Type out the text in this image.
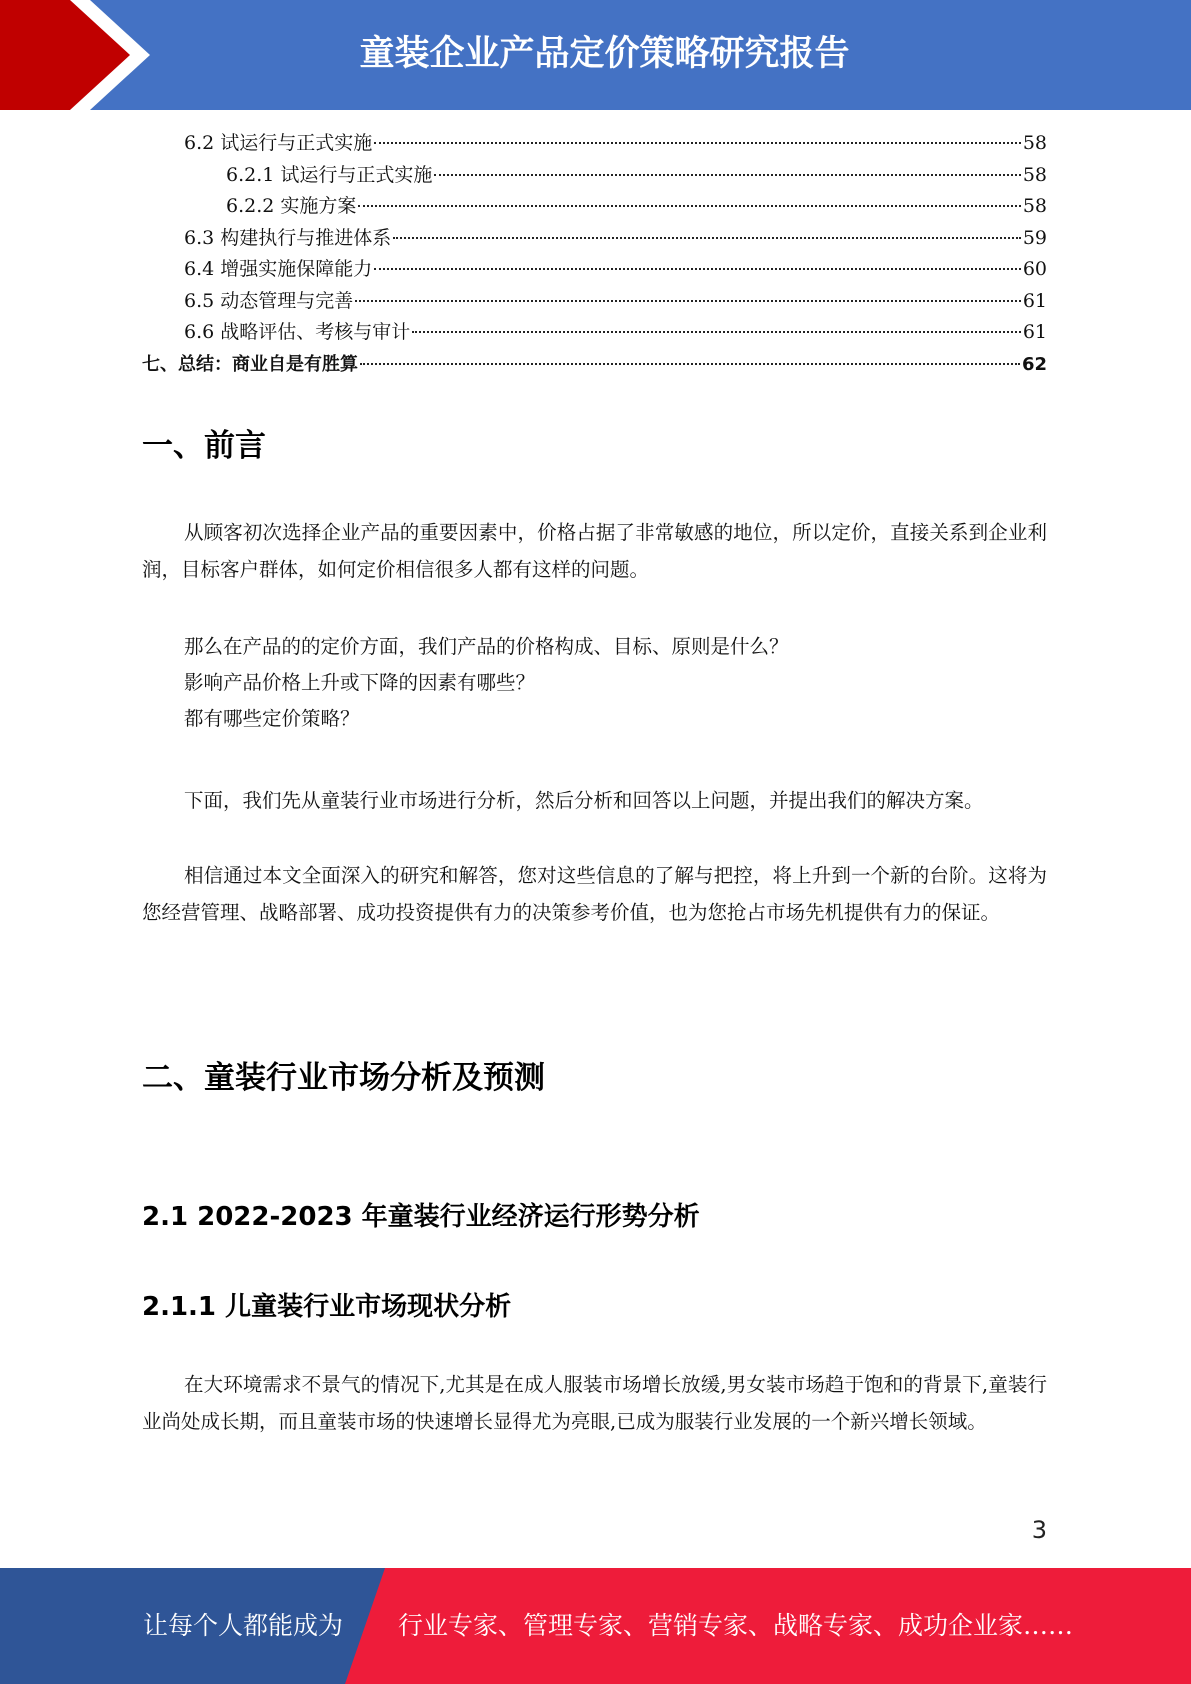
童装企业产品定价策略研究报告
6.2 试运行与正式实施	58
6.2.1 试运行与正式实施	58
6.2.2 实施方案	58
6.3 构建执行与推进体系	59
6.4 增强实施保障能力	60
6.5 动态管理与完善	61
6.6 战略评估、考核与审计	61
七、总结：商业自是有胜算	62
一、前言

从顾客初次选择企业产品的重要因素中，价格占据了非常敏感的地位，所以定价，直接关系到企业利润，目标客户群体，如何定价相信很多人都有这样的问题。

那么在产品的的定价方面，我们产品的价格构成、目标、原则是什么？
影响产品价格上升或下降的因素有哪些？
都有哪些定价策略？

下面，我们先从童装行业市场进行分析，然后分析和回答以上问题，并提出我们的解决方案。

相信通过本文全面深入的研究和解答，您对这些信息的了解与把控，将上升到一个新的台阶。这将为您经营管理、战略部署、成功投资提供有力的决策参考价值，也为您抢占市场先机提供有力的保证。

二、童装行业市场分析及预测
2.1 2022-2023 年童装行业经济运行形势分析
2.1.1 儿童装行业市场现状分析

在大环境需求不景气的情况下,尤其是在成人服装市场增长放缓,男女装市场趋于饱和的背景下,童装行业尚处成长期，而且童装市场的快速增长显得尤为亮眼,已成为服装行业发展的一个新兴增长领域。

3
让每个人都能成为 行业专家、管理专家、营销专家、战略专家、成功企业家……
